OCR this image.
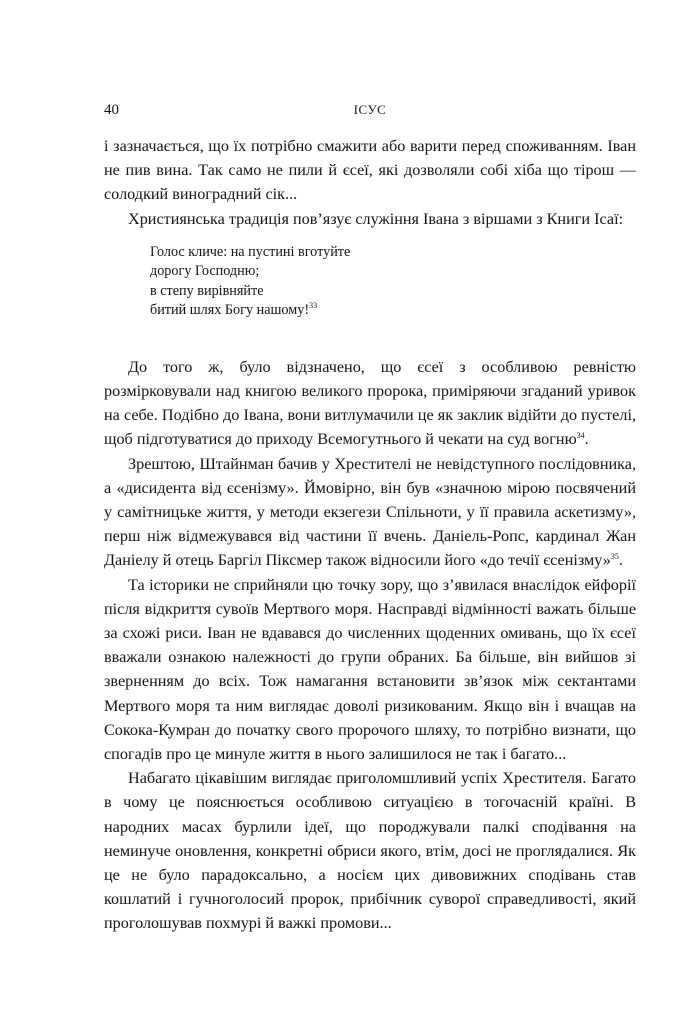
40	ІСУС

і зазначається, що їх потрібно смажити або варити перед споживанням. Іван не пив вина. Так само не пили й єсеї, які дозволяли собі хіба що тірош — солодкий виноградний сік...

Християнська традиція пов’язує служіння Івана з віршами з Книги Ісаї:

Голос кличе: на пустині вготуйте
дорогу Господню;
в степу вирівняйте
битий шлях Богу нашому!$^{33}$

До того ж, було відзначено, що єсеї з особливою ревністю розмірковували над книгою великого пророка, приміряючи згаданий уривок на себе. Подібно до Івана, вони витлумачили це як заклик відійти до пустелі, щоб підготуватися до приходу Всемогутнього й чекати на суд вогню$^{34}$.

Зрештою, Штайнман бачив у Хрестителі не невідступного послідовника, а «дисидента від єсенізму». Ймовірно, він був «значною мірою посвячений у самітницьке життя, у методи екзегези Спільноти, у її правила аскетизму», перш ніж відмежувався від частини її вчень. Даніель-Ропс, кардинал Жан Даніелу й отець Баргіл Піксмер також відносили його «до течії єсенізму»$^{35}$.

Та історики не сприйняли цю точку зору, що з’явилася внаслідок ейфорії після відкриття сувоїв Мертвого моря. Насправді відмінності важать більше за схожі риси. Іван не вдавався до численних щоденних омивань, що їх єсеї вважали ознакою належності до групи обраних. Ба більше, він вийшов зі зверненням до всіх. Тож намагання встановити зв’язок між сектантами Мертвого моря та ним виглядає доволі ризикованим. Якщо він і вчащав на Сокока-Кумран до початку свого пророчого шляху, то потрібно визнати, що спогадів про це минуле життя в нього залишилося не так і багато...

Набагато цікавішим виглядає приголомшливий успіх Хрестителя. Багато в чому це пояснюється особливою ситуацією в тогочасній країні. В народних масах бурлили ідеї, що породжували палкі сподівання на неминуче оновлення, конкретні обриси якого, втім, досі не проглядалися. Як це не було парадоксально, а носієм цих дивовижних сподівань став кошлатий і гучноголосий пророк, прибічник суворої справедливості, який проголошував похмурі й важкі промови...
